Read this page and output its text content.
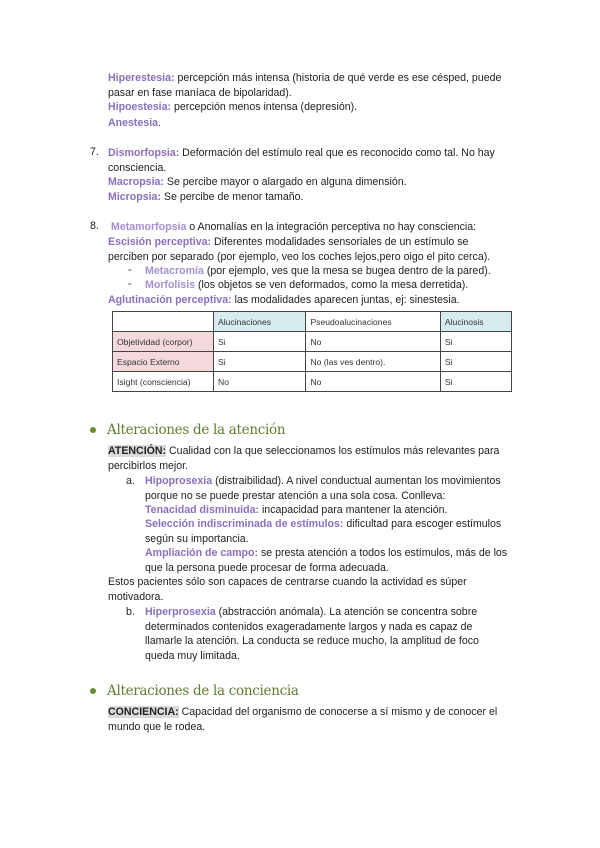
Hiperestesia: percepción más intensa (historia de qué verde es ese césped, puede
pasar en fase maníaca de bipolaridad).
Hipoestesia: percepción menos intensa (depresión).
Anestesia.
7. Dismorfopsia: Deformación del estímulo real que es reconocido como tal. No hay
consciencia.
Macropsia: Se percibe mayor o alargado en alguna dimensión.
Micropsia: Se percibe de menor tamaño.
8. Metamorfopsia o Anomalías en la integración perceptiva no hay consciencia:
Escisión perceptiva: Diferentes modalidades sensoriales de un estímulo se
perciben por separado (por ejemplo, veo los coches lejos,pero oigo el pito cerca).
- Metacromía (por ejemplo, ves que la mesa se bugea dentro de la pared).
- Morfolisis (los objetos se ven deformados, como la mesa derretida).
Aglutinación perceptiva: las modalidades aparecen juntas, ej: sinestesia.
	Alucinaciones	Pseudoalucinaciones	Alucinosis
Objetividad (corpor)	Si	No	Si
Espacio Externo	Si	No (las ves dentro).	Si
Isight (consciencia)	No	No	Si
Alteraciones de la atención
ATENCIÓN: Cualidad con la que seleccionamos los estímulos más relevantes para
percibirlos mejor.
a. Hipoprosexia (distraibilidad). A nivel conductual aumentan los movimientos
porque no se puede prestar atención a una sola cosa. Conlleva:
Tenacidad disminuida: incapacidad para mantener la atención.
Selección indiscriminada de estímulos: dificultad para escoger estímulos
según su importancia.
Ampliación de campo: se presta atención a todos los estímulos, más de los
que la persona puede procesar de forma adecuada.
Estos pacientes sólo son capaces de centrarse cuando la actividad es súper
motivadora.
b. Hiperprosexia (abstracción anómala). La atención se concentra sobre
determinados contenidos exageradamente largos y nada es capaz de
llamarle la atención. La conducta se reduce mucho, la amplitud de foco
queda muy limitada.
Alteraciones de la conciencia
CONCIENCIA: Capacidad del organismo de conocerse a sí mismo y de conocer el
mundo que le rodea.
